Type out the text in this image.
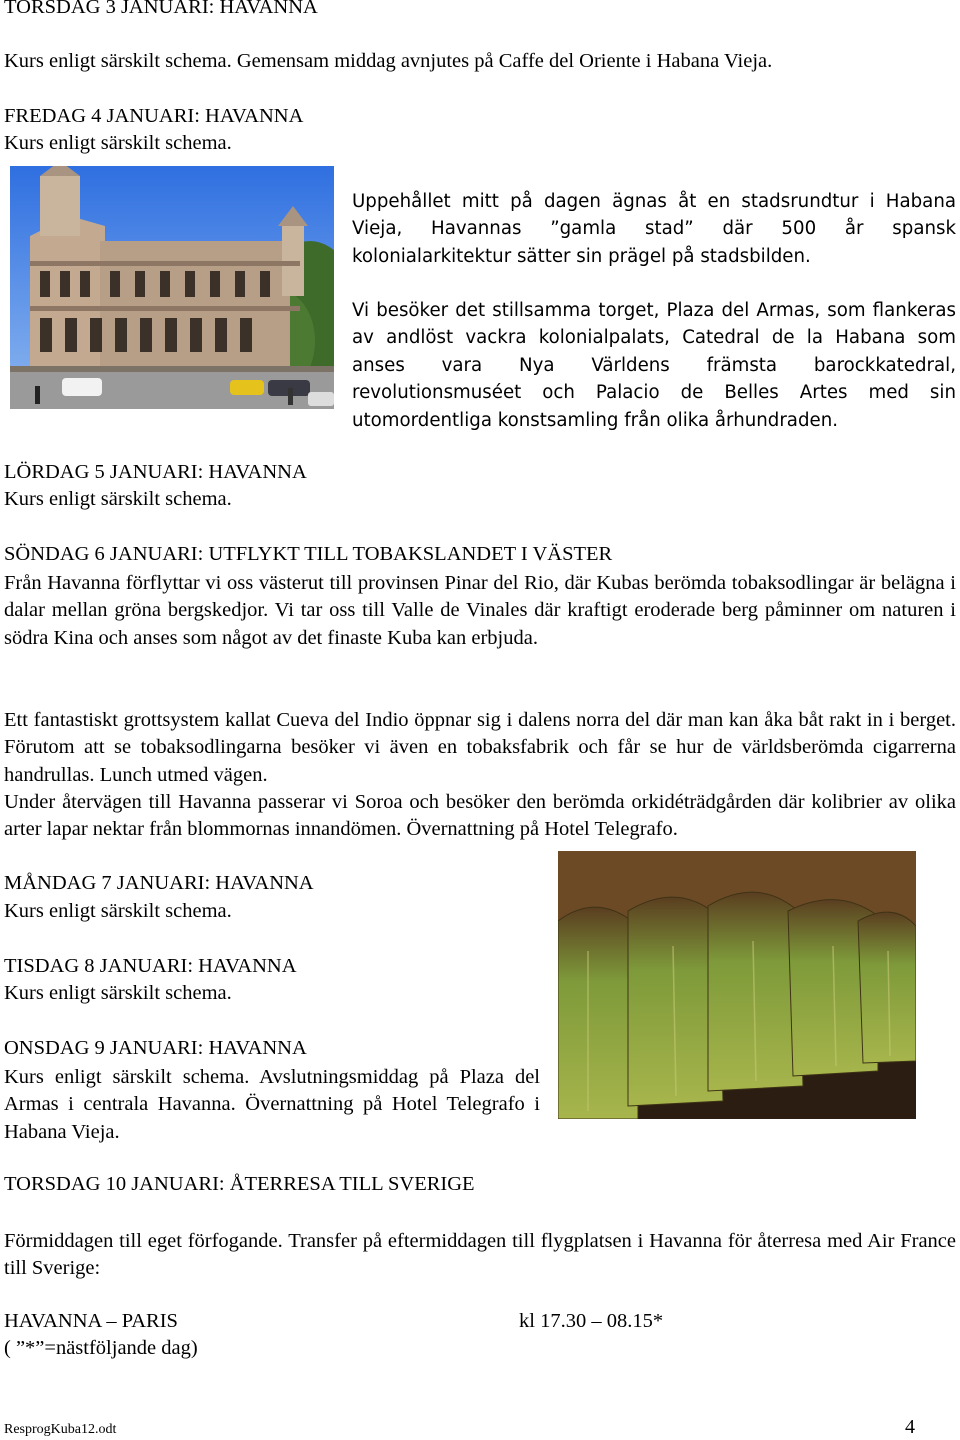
TORSDAG 3 JANUARI: HAVANNA

Kurs enligt särskilt schema. Gemensam middag avnjutes på Caffe del Oriente i Habana Vieja.

FREDAG 4 JANUARI: HAVANNA

Kurs enligt särskilt schema.

Uppehållet mitt på dagen ägnas åt en stadsrundtur i Habana Vieja, Havannas ”gamla stad” där 500 år spansk kolonialarkitektur sätter sin prägel på stadsbilden.

Vi besöker det stillsamma torget, Plaza del Armas, som flankeras av andlöst vackra kolonialpalats, Catedral de la Habana som anses vara Nya Världens främsta barockkatedral, revolutionsmuséet och Palacio de Belles Artes med sin utomordentliga konstsamling från olika århundraden.

LÖRDAG 5 JANUARI: HAVANNA

Kurs enligt särskilt schema.

SÖNDAG 6 JANUARI: UTFLYKT TILL TOBAKSLANDET I VÄSTER

Från Havanna förflyttar vi oss västerut till provinsen Pinar del Rio, där Kubas berömda tobaksodlingar är belägna i dalar mellan gröna bergskedjor. Vi tar oss till Valle de Vinales där kraftigt eroderade berg påminner om naturen i södra Kina och anses som något av det finaste Kuba kan erbjuda.

Ett fantastiskt grottsystem kallat Cueva del Indio öppnar sig i dalens norra del där man kan åka båt rakt in i berget. Förutom att se tobaksodlingarna besöker vi även en tobaksfabrik och får se hur de världsberömda cigarrerna handrullas. Lunch utmed vägen.

Under återvägen till Havanna passerar vi Soroa och besöker den berömda orkidéträdgården där kolibrier av olika arter lapar nektar från blommornas innandömen. Övernattning på Hotel Telegrafo.

MÅNDAG 7 JANUARI: HAVANNA

Kurs enligt särskilt schema.

TISDAG 8 JANUARI: HAVANNA

Kurs enligt särskilt schema.

ONSDAG 9 JANUARI: HAVANNA

Kurs enligt särskilt schema. Avslutningsmiddag på Plaza del Armas i centrala Havanna. Övernattning på Hotel Telegrafo i Habana Vieja.

TORSDAG 10 JANUARI: ÅTERRESA TILL SVERIGE

Förmiddagen till eget förfogande. Transfer på eftermiddagen till flygplatsen i Havanna för återresa med Air France till Sverige:

HAVANNA – PARIS	kl 17.30 – 08.15*

( ”*”=nästföljande dag)

ResprogKuba12.odt	4
